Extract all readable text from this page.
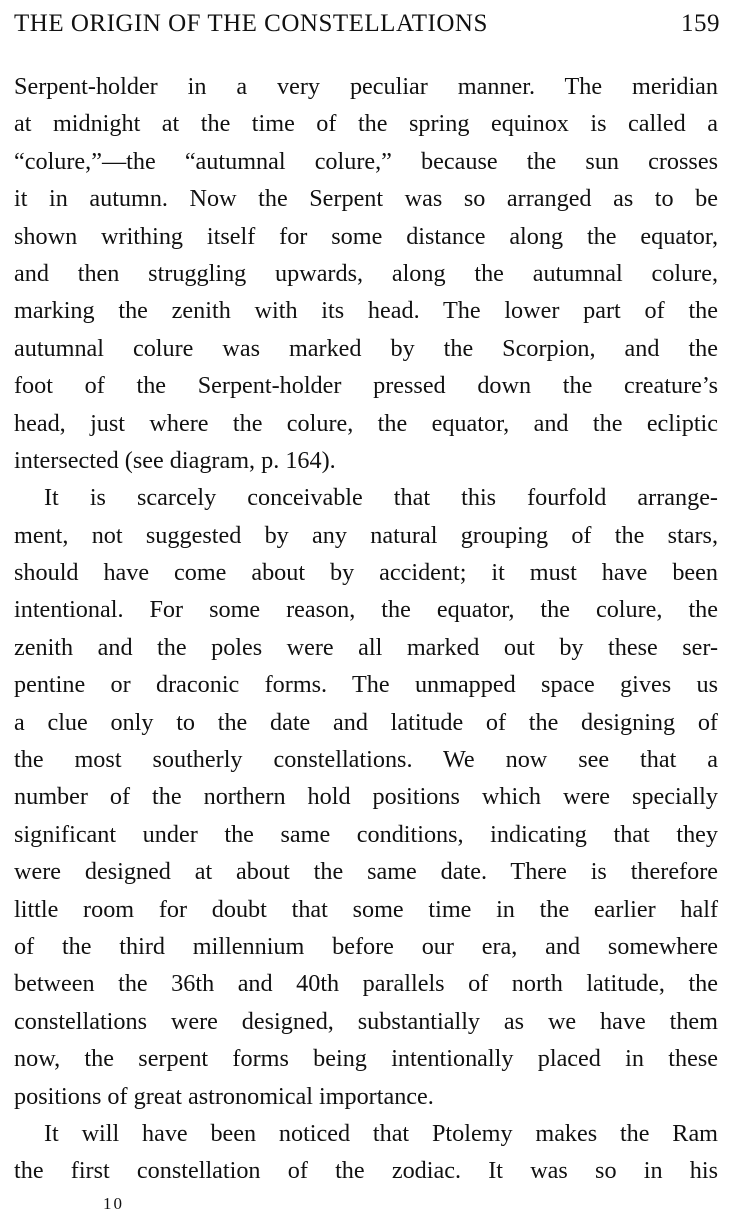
THE ORIGIN OF THE CONSTELLATIONS	159
Serpent-holder in a very peculiar manner. The meridian
at midnight at the time of the spring equinox is called a
“colure,”—the “autumnal colure,” because the sun crosses
it in autumn. Now the Serpent was so arranged as to be
shown writhing itself for some distance along the equator,
and then struggling upwards, along the autumnal colure,
marking the zenith with its head. The lower part of the
autumnal colure was marked by the Scorpion, and the
foot of the Serpent-holder pressed down the creature’s
head, just where the colure, the equator, and the ecliptic
intersected (see diagram, p. 164).
It is scarcely conceivable that this fourfold arrange-
ment, not suggested by any natural grouping of the stars,
should have come about by accident; it must have been
intentional. For some reason, the equator, the colure, the
zenith and the poles were all marked out by these ser-
pentine or draconic forms. The unmapped space gives us
a clue only to the date and latitude of the designing of
the most southerly constellations. We now see that a
number of the northern hold positions which were specially
significant under the same conditions, indicating that they
were designed at about the same date. There is therefore
little room for doubt that some time in the earlier half
of the third millennium before our era, and somewhere
between the 36th and 40th parallels of north latitude, the
constellations were designed, substantially as we have them
now, the serpent forms being intentionally placed in these
positions of great astronomical importance.
It will have been noticed that Ptolemy makes the Ram
the first constellation of the zodiac. It was so in his
10
